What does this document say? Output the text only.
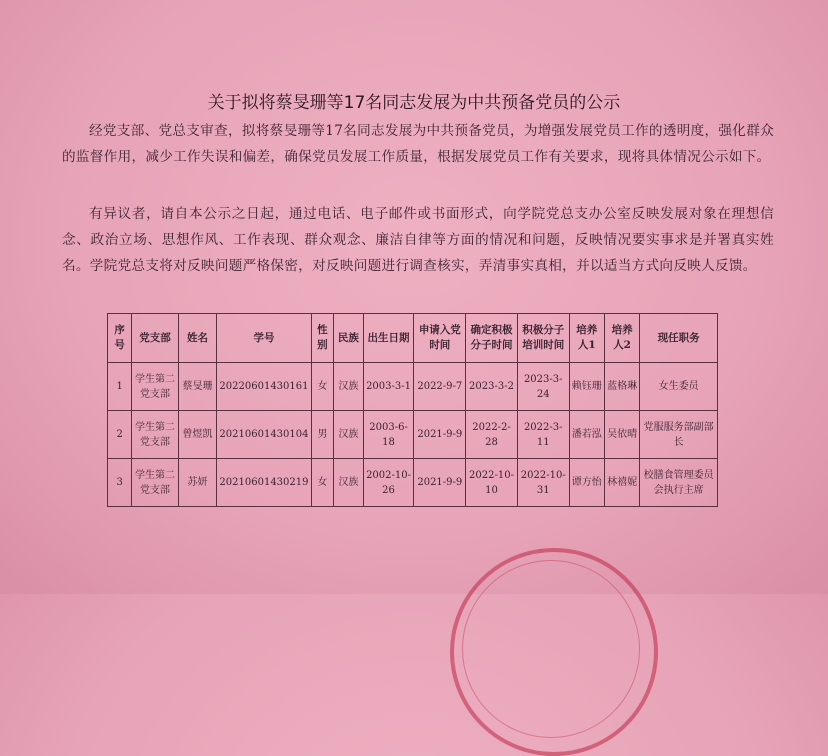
关于拟将蔡旻珊等17名同志发展为中共预备党员的公示
经党支部、党总支审查，拟将蔡旻珊等17名同志发展为中共预备党员，为增强发展党员工作的透明度，强化群众的监督作用，减少工作失误和偏差，确保党员发展工作质量，根据发展党员工作有关要求，现将具体情况公示如下。
有异议者，请自本公示之日起，通过电话、电子邮件或书面形式，向学院党总支办公室反映发展对象在理想信念、政治立场、思想作风、工作表现、群众观念、廉洁自律等方面的情况和问题，反映情况要实事求是并署真实姓名。学院党总支将对反映问题严格保密，对反映问题进行调查核实，弄清事实真相，并以适当方式向反映人反馈。
序号	党支部	姓名	学号	性别	民族	出生日期	申请入党时间	确定积极分子时间	积极分子培训时间	培养人1	培养人2	现任职务
1	学生第二党支部	蔡旻珊	20220601430161	女	汉族	2003-3-1	2022-9-7	2023-3-2	2023-3-24	赖钰珊	蓝格琳	女生委员
2	学生第二党支部	曾煜凯	20210601430104	男	汉族	2003-6-18	2021-9-9	2022-2-28	2022-3-11	潘若泓	吴依晴	党服服务部副部长
3	学生第二党支部	苏妍	20210601430219	女	汉族	2002-10-26	2021-9-9	2022-10-10	2022-10-31	谭方怡	林禧妮	校膳食管理委员会执行主席
